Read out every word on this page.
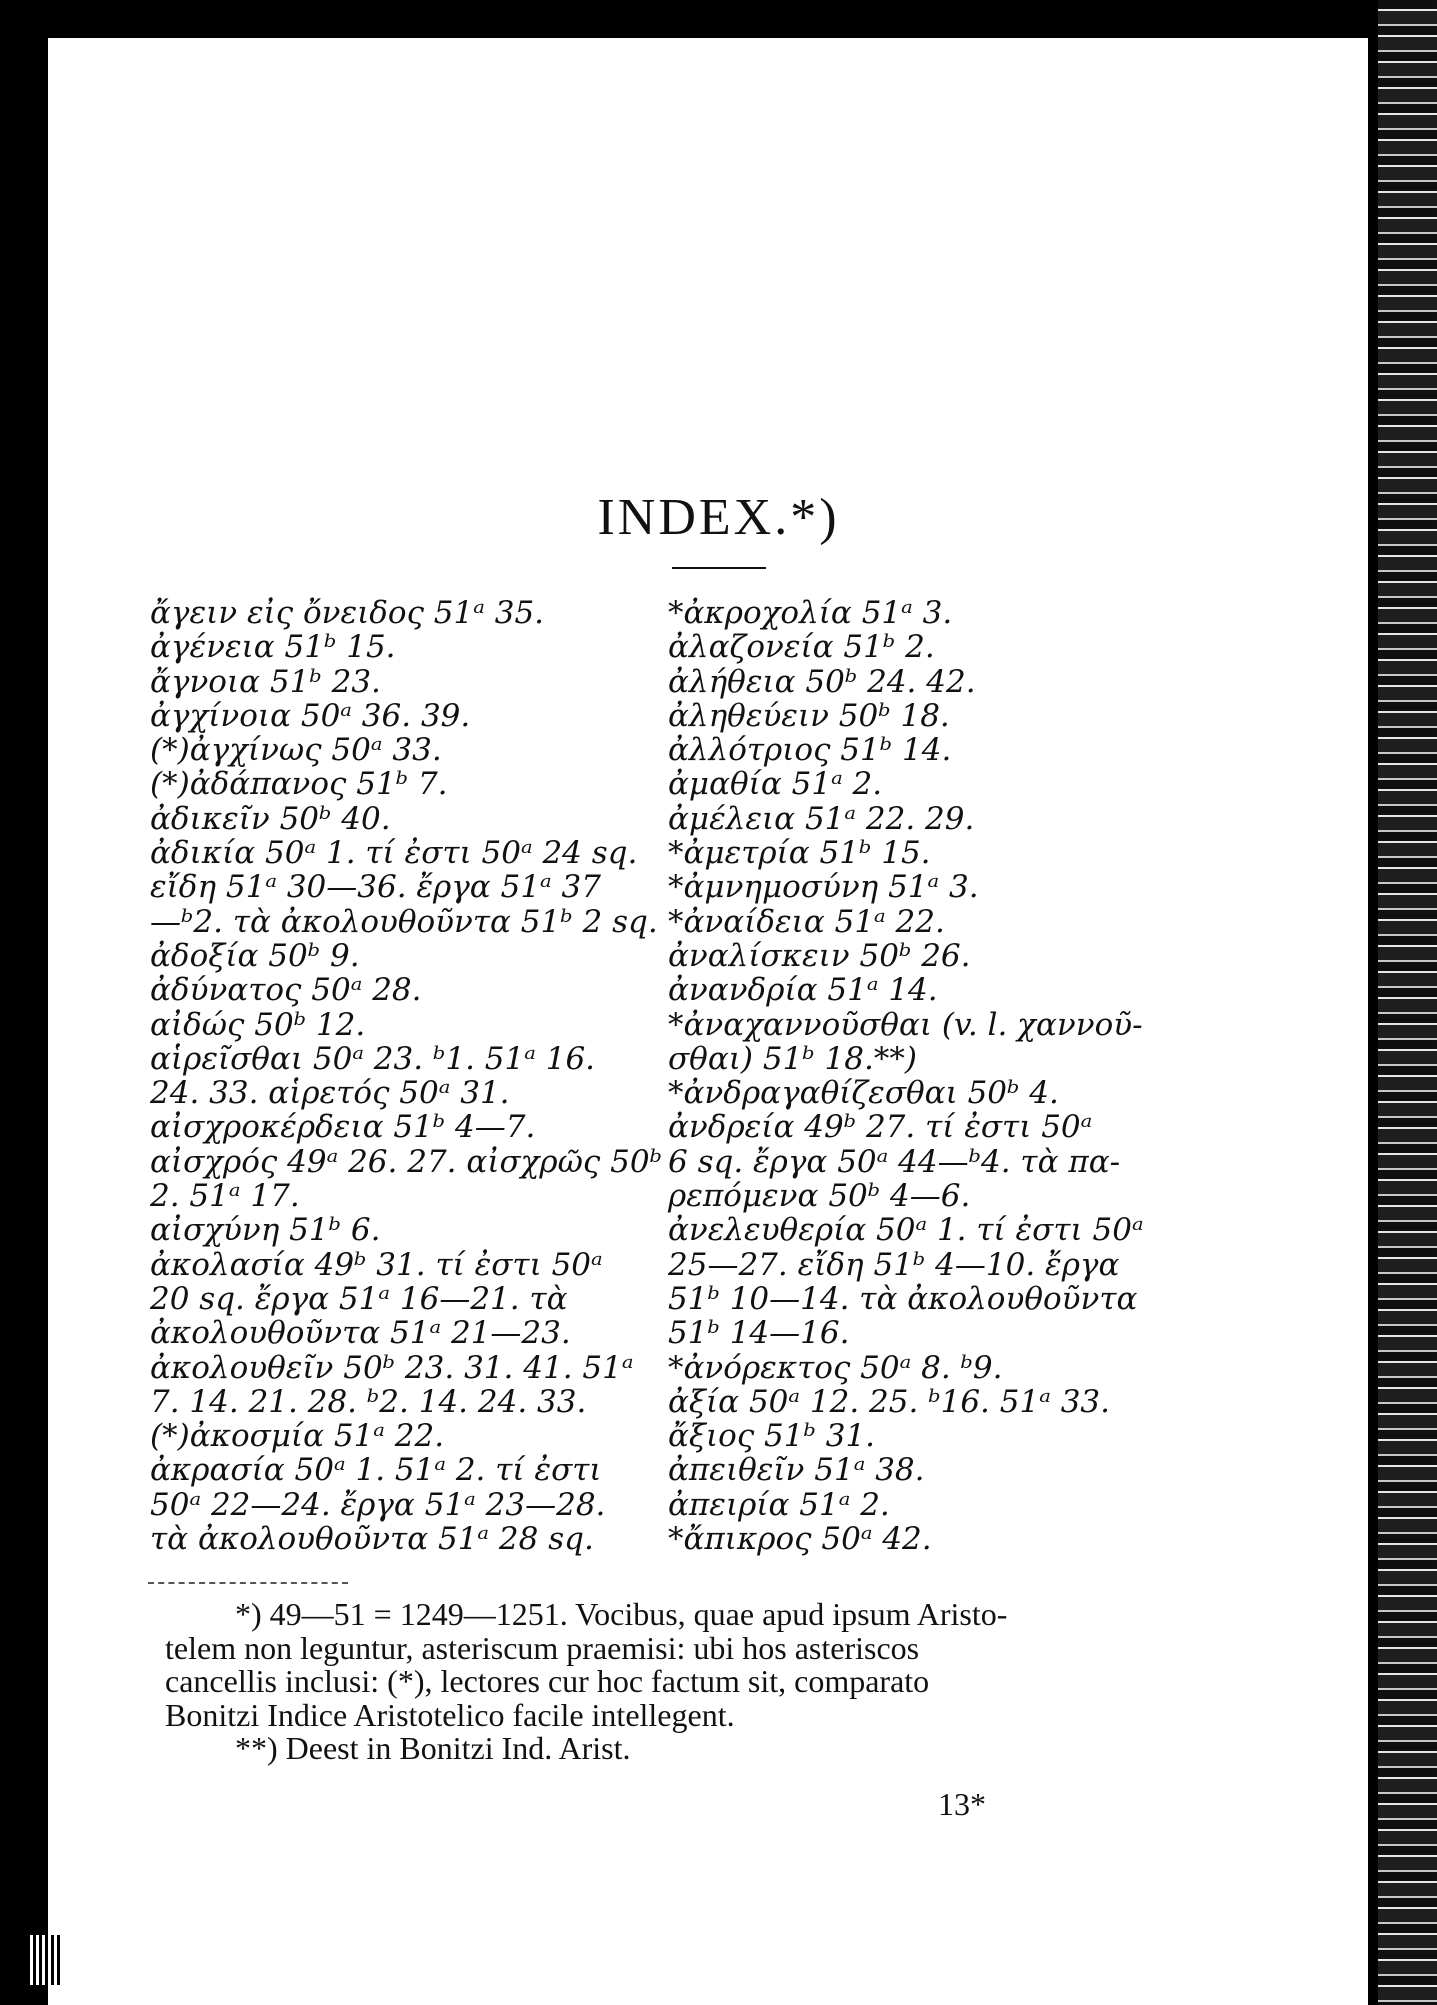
INDEX.*)
ἄγειν εἰς ὄνειδος 51ᵃ 35.
ἀγένεια 51ᵇ 15.
ἄγνοια 51ᵇ 23.
ἀγχίνοια 50ᵃ 36. 39.
(*)ἀγχίνως 50ᵃ 33.
(*)ἀδάπανος 51ᵇ 7.
ἀδικεῖν 50ᵇ 40.
ἀδικία 50ᵃ 1. τί ἐστι 50ᵃ 24 sq.
εἴδη 51ᵃ 30—36. ἔργα 51ᵃ 37
—ᵇ2. τὰ ἀκολουθοῦντα 51ᵇ 2 sq.
ἀδοξία 50ᵇ 9.
ἀδύνατος 50ᵃ 28.
αἰδώς 50ᵇ 12.
αἱρεῖσθαι 50ᵃ 23. ᵇ1. 51ᵃ 16.
24. 33. αἱρετός 50ᵃ 31.
αἰσχροκέρδεια 51ᵇ 4—7.
αἰσχρός 49ᵃ 26. 27. αἰσχρῶς 50ᵇ
2. 51ᵃ 17.
αἰσχύνη 51ᵇ 6.
ἀκολασία 49ᵇ 31. τί ἐστι 50ᵃ
20 sq. ἔργα 51ᵃ 16—21. τὰ
ἀκολουθοῦντα 51ᵃ 21—23.
ἀκολουθεῖν 50ᵇ 23. 31. 41. 51ᵃ
7. 14. 21. 28. ᵇ2. 14. 24. 33.
(*)ἀκοσμία 51ᵃ 22.
ἀκρασία 50ᵃ 1. 51ᵃ 2. τί ἐστι
50ᵃ 22—24. ἔργα 51ᵃ 23—28.
τὰ ἀκολουθοῦντα 51ᵃ 28 sq.
*ἀκροχολία 51ᵃ 3.
ἀλαζονεία 51ᵇ 2.
ἀλήθεια 50ᵇ 24. 42.
ἀληθεύειν 50ᵇ 18.
ἀλλότριος 51ᵇ 14.
ἀμαθία 51ᵃ 2.
ἀμέλεια 51ᵃ 22. 29.
*ἀμετρία 51ᵇ 15.
*ἀμνημοσύνη 51ᵃ 3.
*ἀναίδεια 51ᵃ 22.
ἀναλίσκειν 50ᵇ 26.
ἀνανδρία 51ᵃ 14.
*ἀναχαννοῦσθαι (v. l. χαννοῦ-
σθαι) 51ᵇ 18.**)
*ἀνδραγαθίζεσθαι 50ᵇ 4.
ἀνδρεία 49ᵇ 27. τί ἐστι 50ᵃ
6 sq. ἔργα 50ᵃ 44—ᵇ4. τὰ πα-
ρεπόμενα 50ᵇ 4—6.
ἀνελευθερία 50ᵃ 1. τί ἐστι 50ᵃ
25—27. εἴδη 51ᵇ 4—10. ἔργα
51ᵇ 10—14. τὰ ἀκολουθοῦντα
51ᵇ 14—16.
*ἀνόρεκτος 50ᵃ 8. ᵇ9.
ἀξία 50ᵃ 12. 25. ᵇ16. 51ᵃ 33.
ἄξιος 51ᵇ 31.
ἀπειθεῖν 51ᵃ 38.
ἀπειρία 51ᵃ 2.
*ἄπικρος 50ᵃ 42.

*) 49—51 = 1249—1251. Vocibus, quae apud ipsum Aristo-

telem non leguntur, asteriscum praemisi: ubi hos asteriscos

cancellis inclusi: (*), lectores cur hoc factum sit, comparato

Bonitzi Indice Aristotelico facile intellegent.

**) Deest in Bonitzi Ind. Arist.

13*
